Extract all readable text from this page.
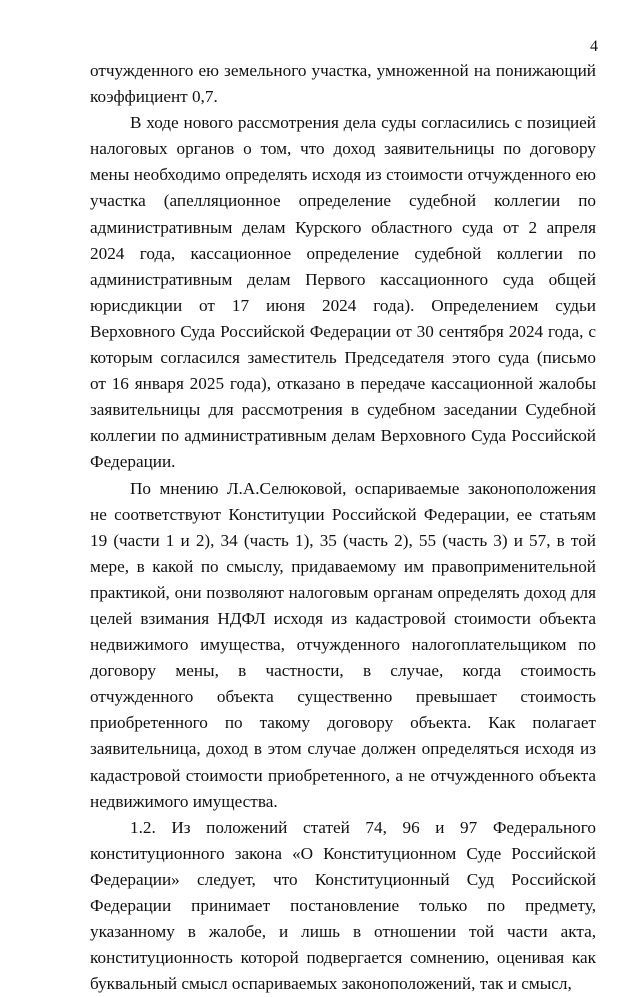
4

отчужденного ею земельного участка, умноженной на понижающий коэффициент 0,7.

В ходе нового рассмотрения дела суды согласились с позицией налоговых органов о том, что доход заявительницы по договору мены необходимо определять исходя из стоимости отчужденного ею участка (апелляционное определение судебной коллегии по административным делам Курского областного суда от 2 апреля 2024 года, кассационное определение судебной коллегии по административным делам Первого кассационного суда общей юрисдикции от 17 июня 2024 года). Определением судьи Верховного Суда Российской Федерации от 30 сентября 2024 года, с которым согласился заместитель Председателя этого суда (письмо от 16 января 2025 года), отказано в передаче кассационной жалобы заявительницы для рассмотрения в судебном заседании Судебной коллегии по административным делам Верховного Суда Российской Федерации.

По мнению Л.А.Селюковой, оспариваемые законоположения не соответствуют Конституции Российской Федерации, ее статьям 19 (части 1 и 2), 34 (часть 1), 35 (часть 2), 55 (часть 3) и 57, в той мере, в какой по смыслу, придаваемому им правоприменительной практикой, они позволяют налоговым органам определять доход для целей взимания НДФЛ исходя из кадастровой стоимости объекта недвижимого имущества, отчужденного налогоплательщиком по договору мены, в частности, в случае, когда стоимость отчужденного объекта существенно превышает стоимость приобретенного по такому договору объекта. Как полагает заявительница, доход в этом случае должен определяться исходя из кадастровой стоимости приобретенного, а не отчужденного объекта недвижимого имущества.

1.2. Из положений статей 74, 96 и 97 Федерального конституционного закона «О Конституционном Суде Российской Федерации» следует, что Конституционный Суд Российской Федерации принимает постановление только по предмету, указанному в жалобе, и лишь в отношении той части акта, конституционность которой подвергается сомнению, оценивая как буквальный смысл оспариваемых законоположений, так и смысл,
